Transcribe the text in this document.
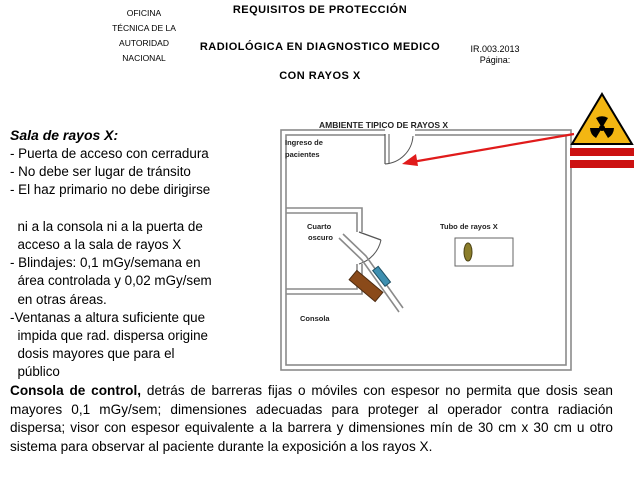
OFICINA
TÉCNICA DE LA
AUTORIDAD
NACIONAL
REQUISITOS DE PROTECCIÓN
RADIOLÓGICA EN DIAGNOSTICO MEDICO
CON RAYOS X
IR.003.2013
Página:
AMBIENTE TIPICO DE RAYOS X
Ingreso de
pacientes
Cuarto
oscuro
Tubo de rayos X
Consola
Sala de rayos X:
- Puerta de acceso con cerradura
- No debe ser lugar de tránsito
- El haz primario no debe dirigirse
ni a la consola ni a la puerta de
acceso a la sala de rayos X
- Blindajes: 0,1 mGy/semana en
área controlada y 0,02 mGy/sem
en otras áreas.
-Ventanas a altura suficiente que
impida que rad. dispersa origine
dosis mayores que para el
público
Consola de control, detrás de barreras fijas o móviles con espesor no permita que dosis sean mayores 0,1 mGy/sem; dimensiones adecuadas para proteger al operador contra radiación dispersa; visor con espesor equivalente a la barrera y dimensiones mín de 30 cm x 30 cm u otro sistema para observar al paciente durante la exposición a los rayos X.
